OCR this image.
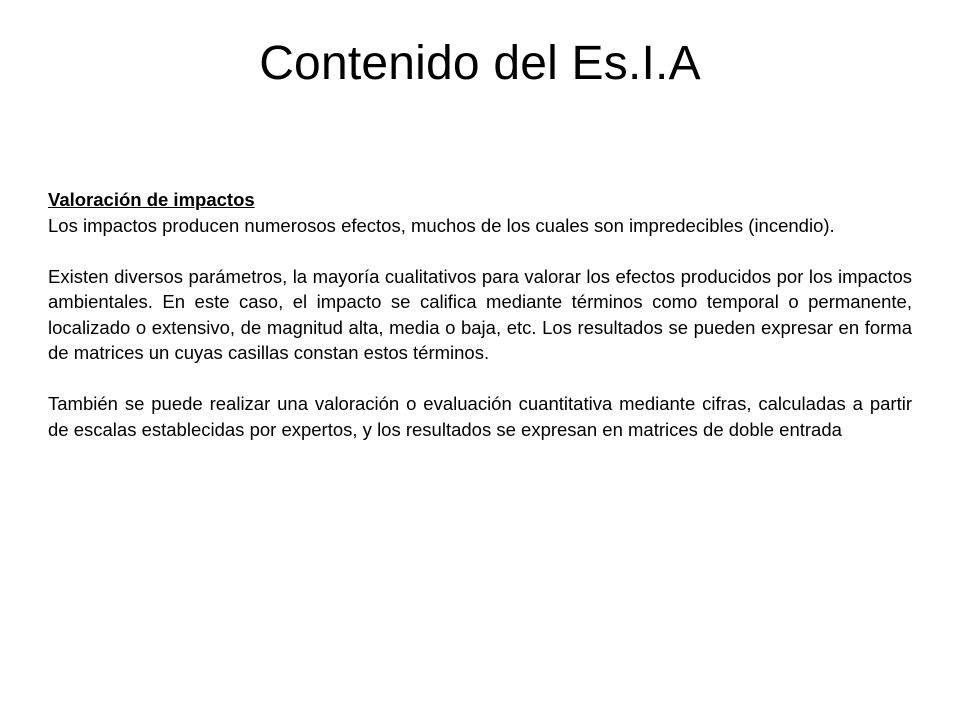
Contenido del Es.I.A

Valoración de impactos

Los impactos producen numerosos efectos, muchos de los cuales son impredecibles (incendio).

Existen diversos parámetros, la mayoría cualitativos para valorar los efectos producidos por los impactos ambientales. En este caso, el impacto se califica mediante términos como temporal o permanente, localizado o extensivo, de magnitud alta, media o baja, etc. Los resultados se pueden expresar en forma de matrices un cuyas casillas constan estos términos.

También se puede realizar una valoración o evaluación cuantitativa mediante cifras, calculadas a partir de escalas establecidas por expertos, y los resultados se expresan en matrices de doble entrada
